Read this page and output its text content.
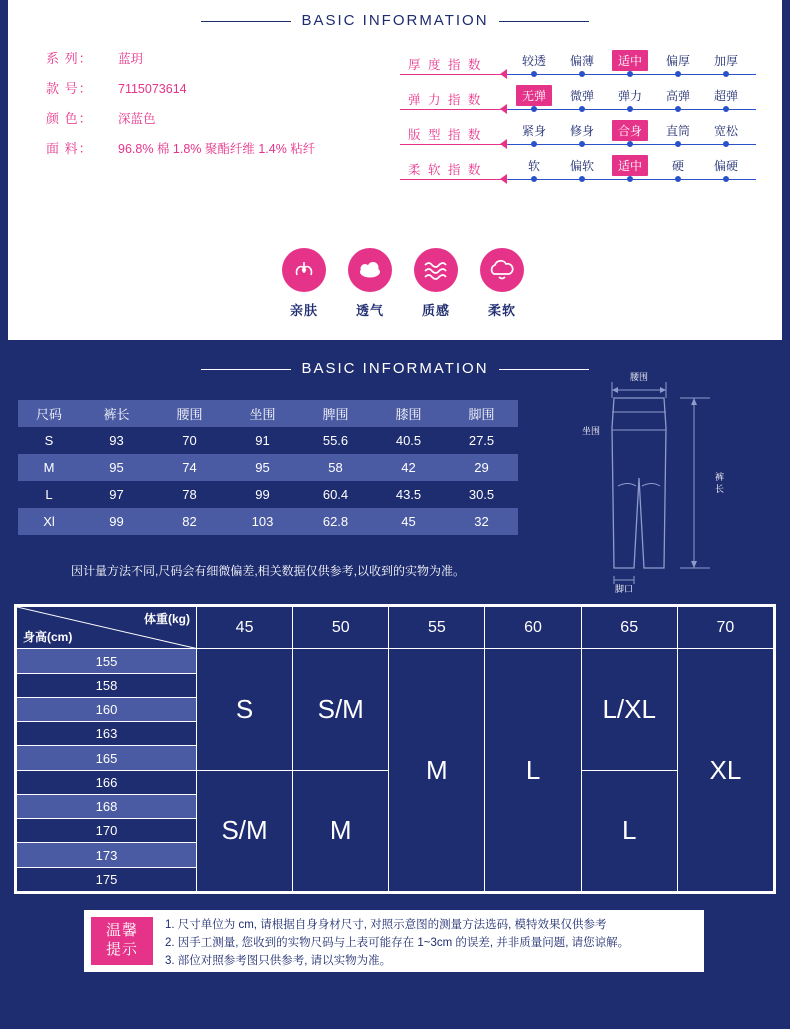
BASIC INFORMATION
系 列：	蓝玥
款 号：	7115073614
颜 色：	深蓝色
面 料：	96.8% 棉 1.8% 聚酯纤维 1.4% 粘纤
厚 度 指 数	较透 偏薄	适中	偏厚 加厚
弹 力 指 数	无弹	微弹 弹力 高弹 超弹
版 型 指 数	紧身 修身	合身	直筒 宽松
柔 软 指 数	软 偏软	适中	硬 偏硬
亲肤	透气	质感	柔软
BASIC INFORMATION
尺码	裤长	腰围	坐围	脾围	膝围	脚围
S	93	70	91	55.6	40.5	27.5
M	95	74	95	58	42	29
L	97	78	99	60.4	43.5	30.5
Xl	99	82	103	62.8	45	32
因计量方法不同,尺码会有细微偏差,相关数据仅供参考,以收到的实物为准。
腰围
坐围
裤
长
脚口
体重(kg)
身高(cm)	45	50	55	60	65	70
155	S	S/M	M	L	L/XL	XL
158						
160						
163						
165						
166	S/M	M			L	
168						
170						
173						
175						
温馨
提示
1. 尺寸单位为 cm, 请根据自身身材尺寸, 对照示意图的测量方法选码, 模特效果仅供参考
2. 因手工测量, 您收到的实物尺码与上表可能存在 1~3cm 的误差, 并非质量问题, 请您谅解。
3. 部位对照参考图只供参考, 请以实物为准。
